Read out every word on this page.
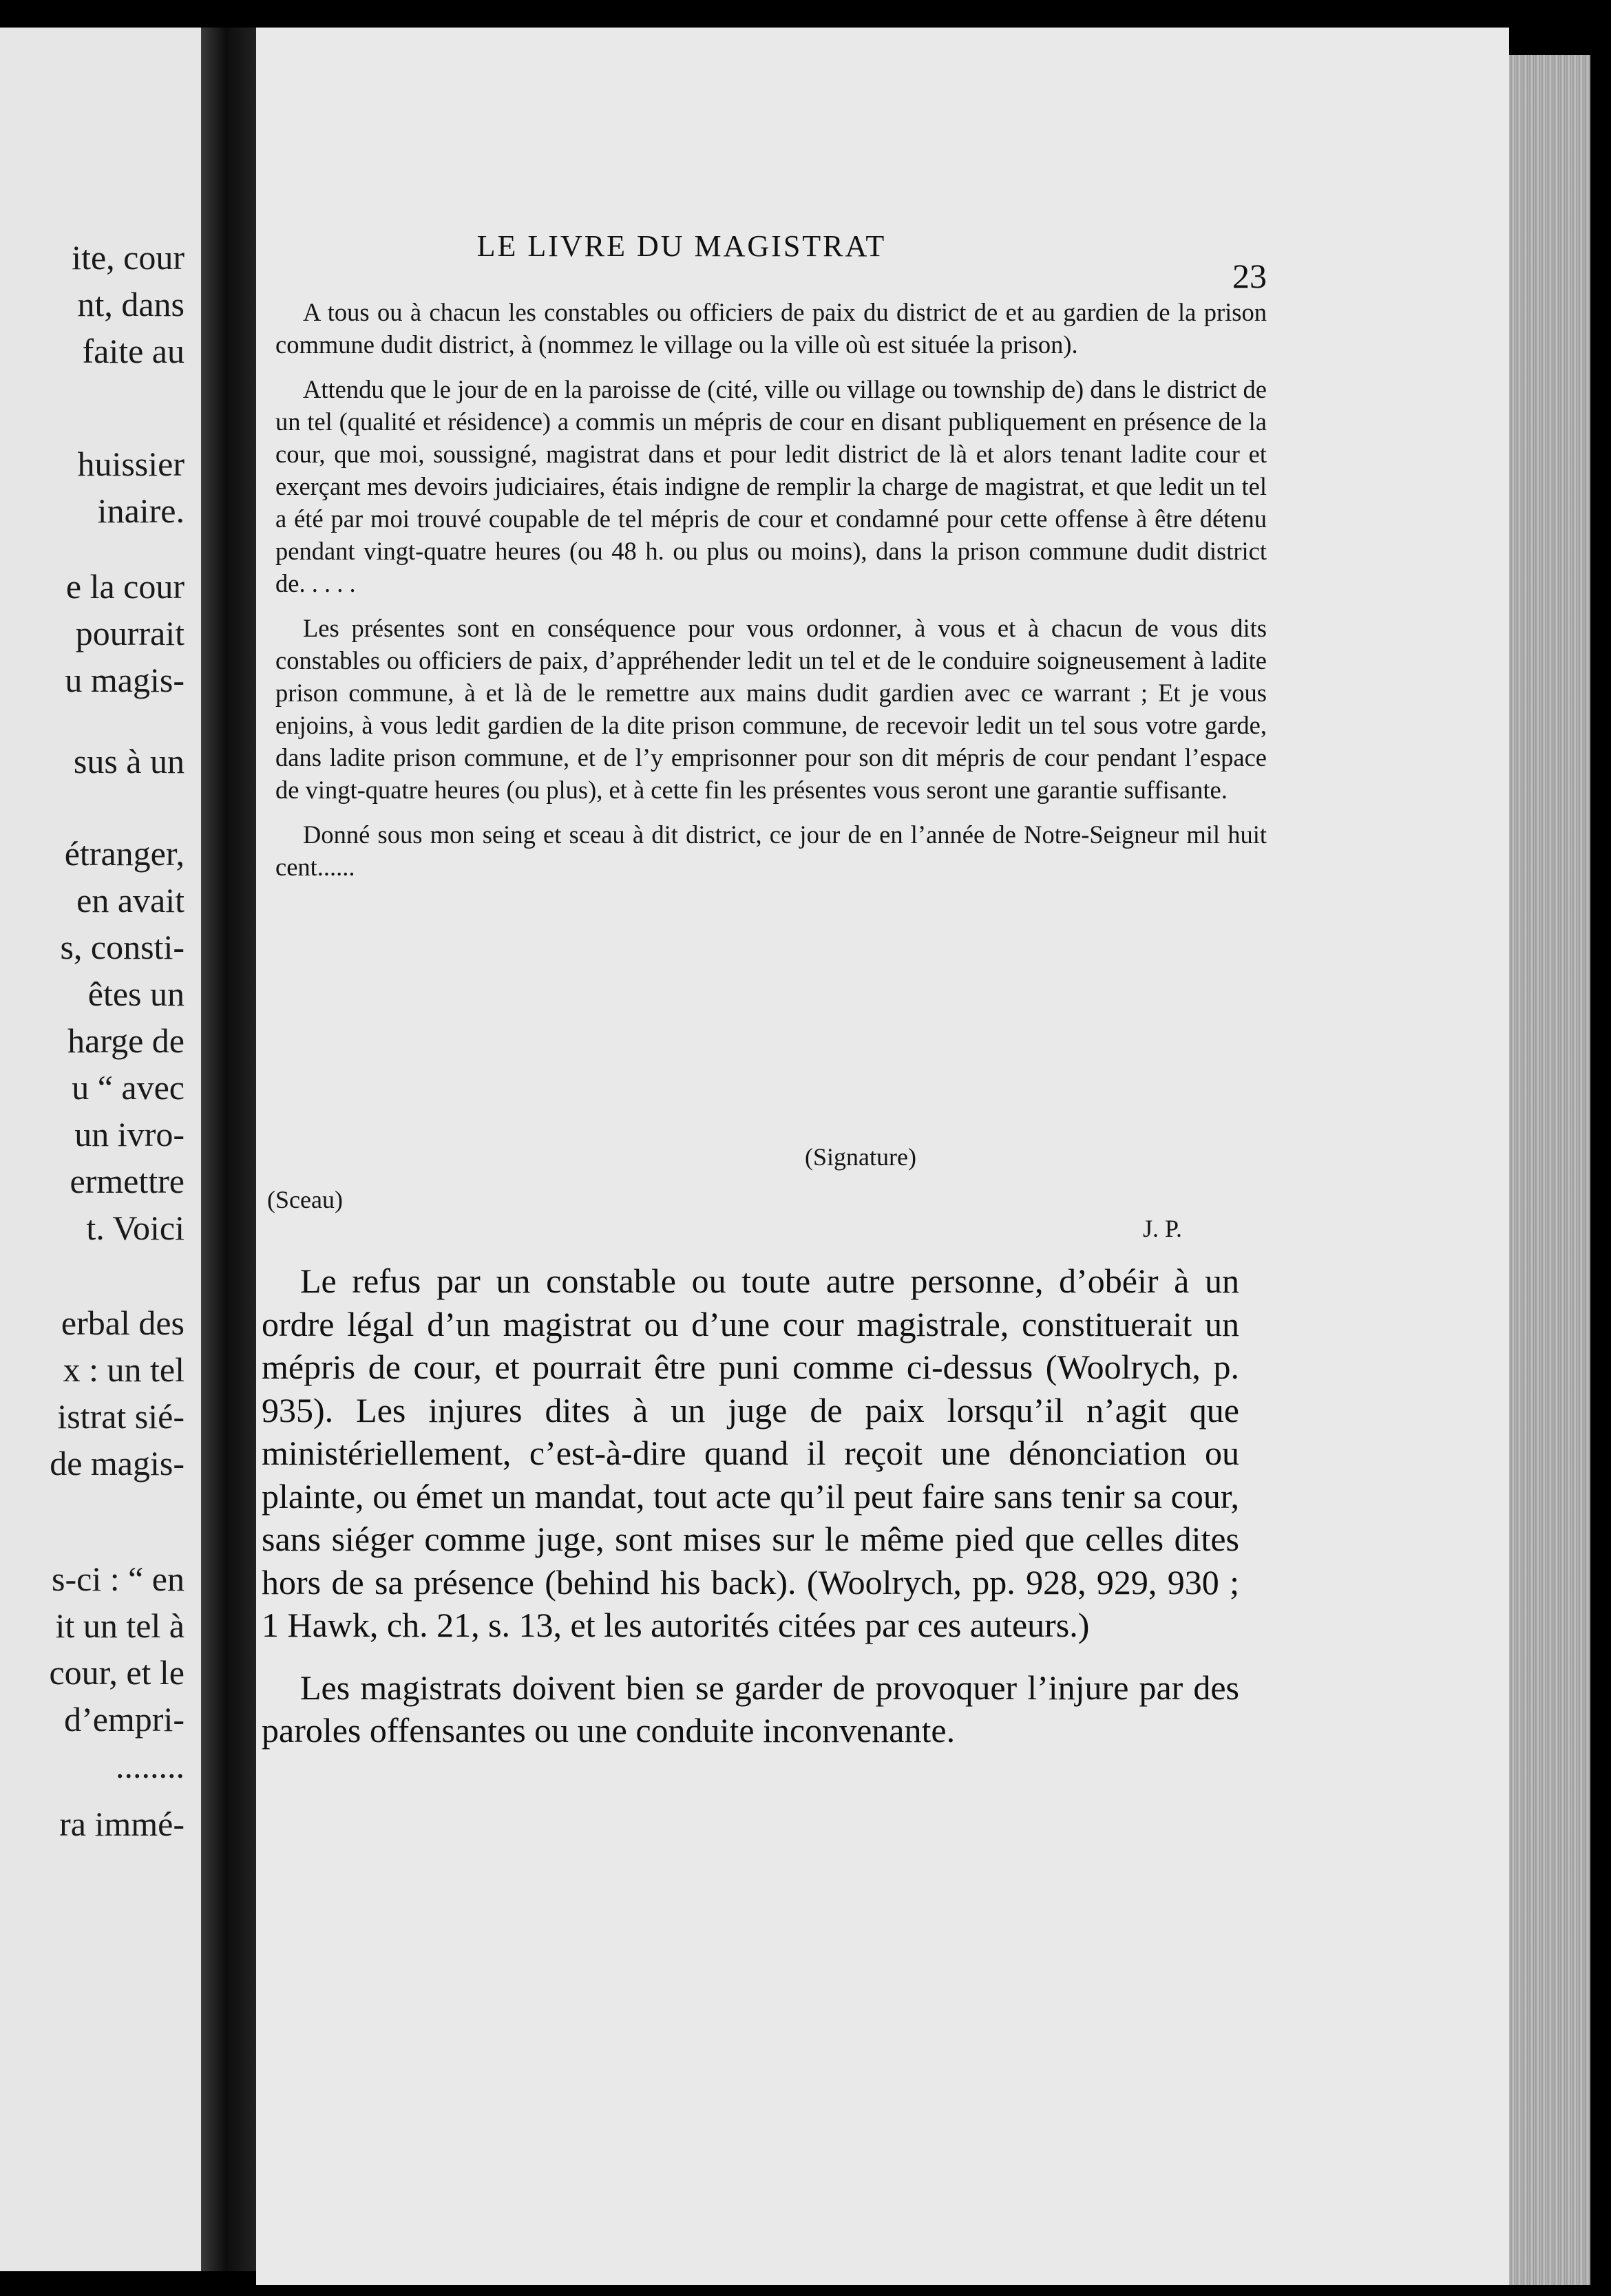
ite, cour
nt, dans
faite au
huissier
inaire.
e la cour
pourrait
u magis-
sus à un
étranger,
en avait
s, consti-
êtes un
harge de
u “ avec
un ivro-
ermettre
t. Voici
erbal des
x : un tel
istrat sié-
de magis-
s-ci : “ en
it un tel à
cour, et le
d’empri-
........
ra immé-
LE LIVRE DU MAGISTRAT
23

A tous ou à chacun les constables ou officiers de paix du district de et au gardien de la prison commune dudit district, à (nommez le village ou la ville où est située la prison).

Attendu que le jour de en la paroisse de (cité, ville ou village ou township de) dans le district de un tel (qualité et résidence) a commis un mépris de cour en disant publiquement en présence de la cour, que moi, soussigné, magistrat dans et pour ledit district de là et alors tenant ladite cour et exerçant mes devoirs judiciaires, étais indigne de remplir la charge de magistrat, et que ledit un tel a été par moi trouvé coupable de tel mépris de cour et condamné pour cette offense à être détenu pendant vingt-quatre heures (ou 48 h. ou plus ou moins), dans la prison commune dudit district de. . . . .

Les présentes sont en conséquence pour vous ordonner, à vous et à chacun de vous dits constables ou officiers de paix, d’appréhender ledit un tel et de le conduire soigneusement à ladite prison commune, à et là de le remettre aux mains dudit gardien avec ce warrant ; Et je vous enjoins, à vous ledit gardien de la dite prison commune, de recevoir ledit un tel sous votre garde, dans ladite prison commune, et de l’y emprisonner pour son dit mépris de cour pendant l’espace de vingt-quatre heures (ou plus), et à cette fin les présentes vous seront une garantie suffisante.

Donné sous mon seing et sceau à dit district, ce jour de en l’année de Notre-Seigneur mil huit cent......

(Signature)
(Sceau)
J. P.

Le refus par un constable ou toute autre personne, d’obéir à un ordre légal d’un magistrat ou d’une cour magistrale, constituerait un mépris de cour, et pourrait être puni comme ci-dessus (Woolrych, p. 935). Les injures dites à un juge de paix lorsqu’il n’agit que ministériellement, c’est-à-dire quand il reçoit une dénonciation ou plainte, ou émet un mandat, tout acte qu’il peut faire sans tenir sa cour, sans siéger comme juge, sont mises sur le même pied que celles dites hors de sa présence (behind his back). (Woolrych, pp. 928, 929, 930 ; 1 Hawk, ch. 21, s. 13, et les autorités citées par ces auteurs.)

Les magistrats doivent bien se garder de provoquer l’injure par des paroles offensantes ou une conduite inconvenante.
